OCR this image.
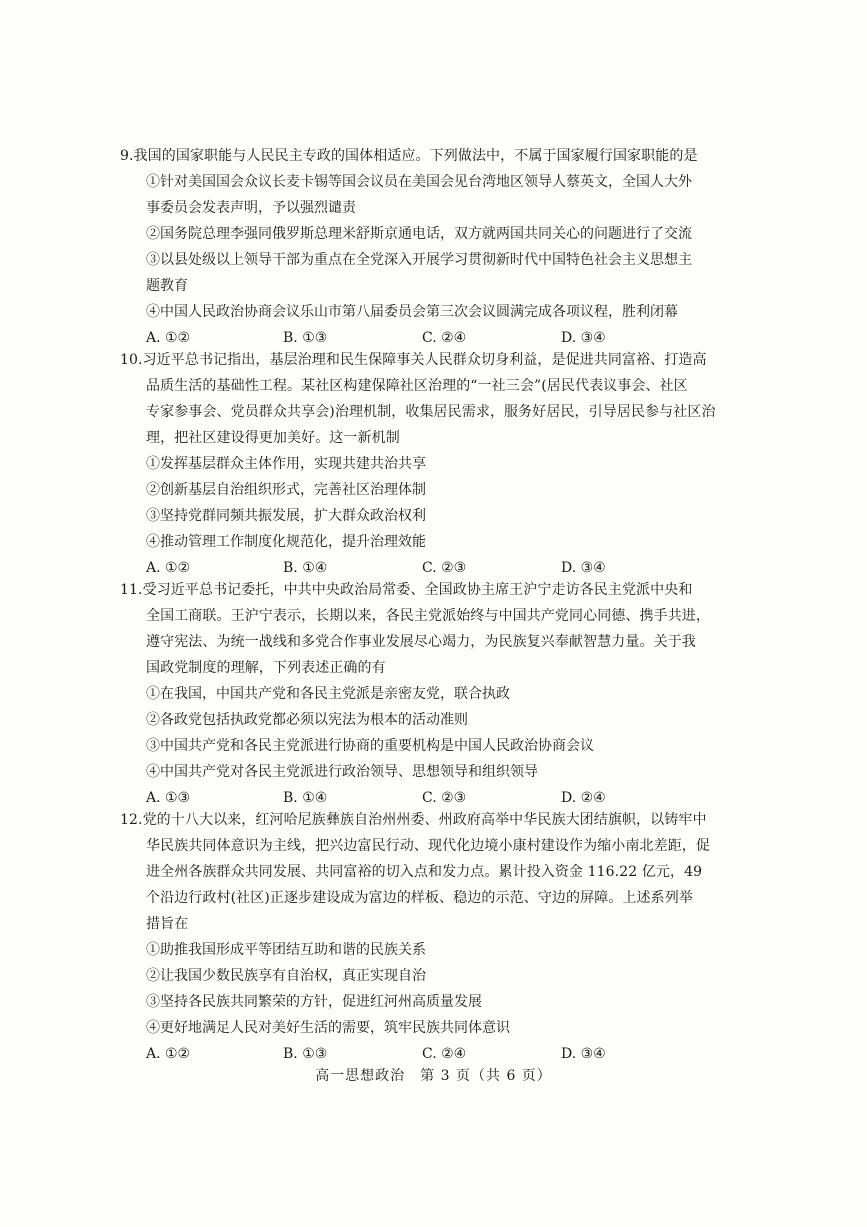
9.我国的国家职能与人民民主专政的国体相适应。下列做法中，不属于国家履行国家职能的是
①针对美国国会众议长麦卡锡等国会议员在美国会见台湾地区领导人蔡英文，全国人大外
事委员会发表声明，予以强烈谴责
②国务院总理李强同俄罗斯总理米舒斯京通电话，双方就两国共同关心的问题进行了交流
③以县处级以上领导干部为重点在全党深入开展学习贯彻新时代中国特色社会主义思想主
题教育
④中国人民政治协商会议乐山市第八届委员会第三次会议圆满完成各项议程，胜利闭幕
A. ①②	B. ①③	C. ②④	D. ③④
10.习近平总书记指出，基层治理和民生保障事关人民群众切身利益，是促进共同富裕、打造高
品质生活的基础性工程。某社区构建保障社区治理的“一社三会”(居民代表议事会、社区
专家参事会、党员群众共享会)治理机制，收集居民需求，服务好居民，引导居民参与社区治
理，把社区建设得更加美好。这一新机制
①发挥基层群众主体作用，实现共建共治共享
②创新基层自治组织形式，完善社区治理体制
③坚持党群同频共振发展，扩大群众政治权利
④推动管理工作制度化规范化，提升治理效能
A. ①②	B. ①④	C. ②③	D. ③④
11.受习近平总书记委托，中共中央政治局常委、全国政协主席王沪宁走访各民主党派中央和
全国工商联。王沪宁表示，长期以来，各民主党派始终与中国共产党同心同德、携手共进，
遵守宪法、为统一战线和多党合作事业发展尽心竭力，为民族复兴奉献智慧力量。关于我
国政党制度的理解，下列表述正确的有
①在我国，中国共产党和各民主党派是亲密友党，联合执政
②各政党包括执政党都必须以宪法为根本的活动准则
③中国共产党和各民主党派进行协商的重要机构是中国人民政治协商会议
④中国共产党对各民主党派进行政治领导、思想领导和组织领导
A. ①③	B. ①④	C. ②③	D. ②④
12.党的十八大以来，红河哈尼族彝族自治州州委、州政府高举中华民族大团结旗帜，以铸牢中
华民族共同体意识为主线，把兴边富民行动、现代化边境小康村建设作为缩小南北差距，促
进全州各族群众共同发展、共同富裕的切入点和发力点。累计投入资金 116.22 亿元，49
个沿边行政村(社区)正逐步建设成为富边的样板、稳边的示范、守边的屏障。上述系列举
措旨在
①助推我国形成平等团结互助和谐的民族关系
②让我国少数民族享有自治权，真正实现自治
③坚持各民族共同繁荣的方针，促进红河州高质量发展
④更好地满足人民对美好生活的需要，筑牢民族共同体意识
A. ①②	B. ①③	C. ②④	D. ③④
高一思想政治　第 3 页（共 6 页）
